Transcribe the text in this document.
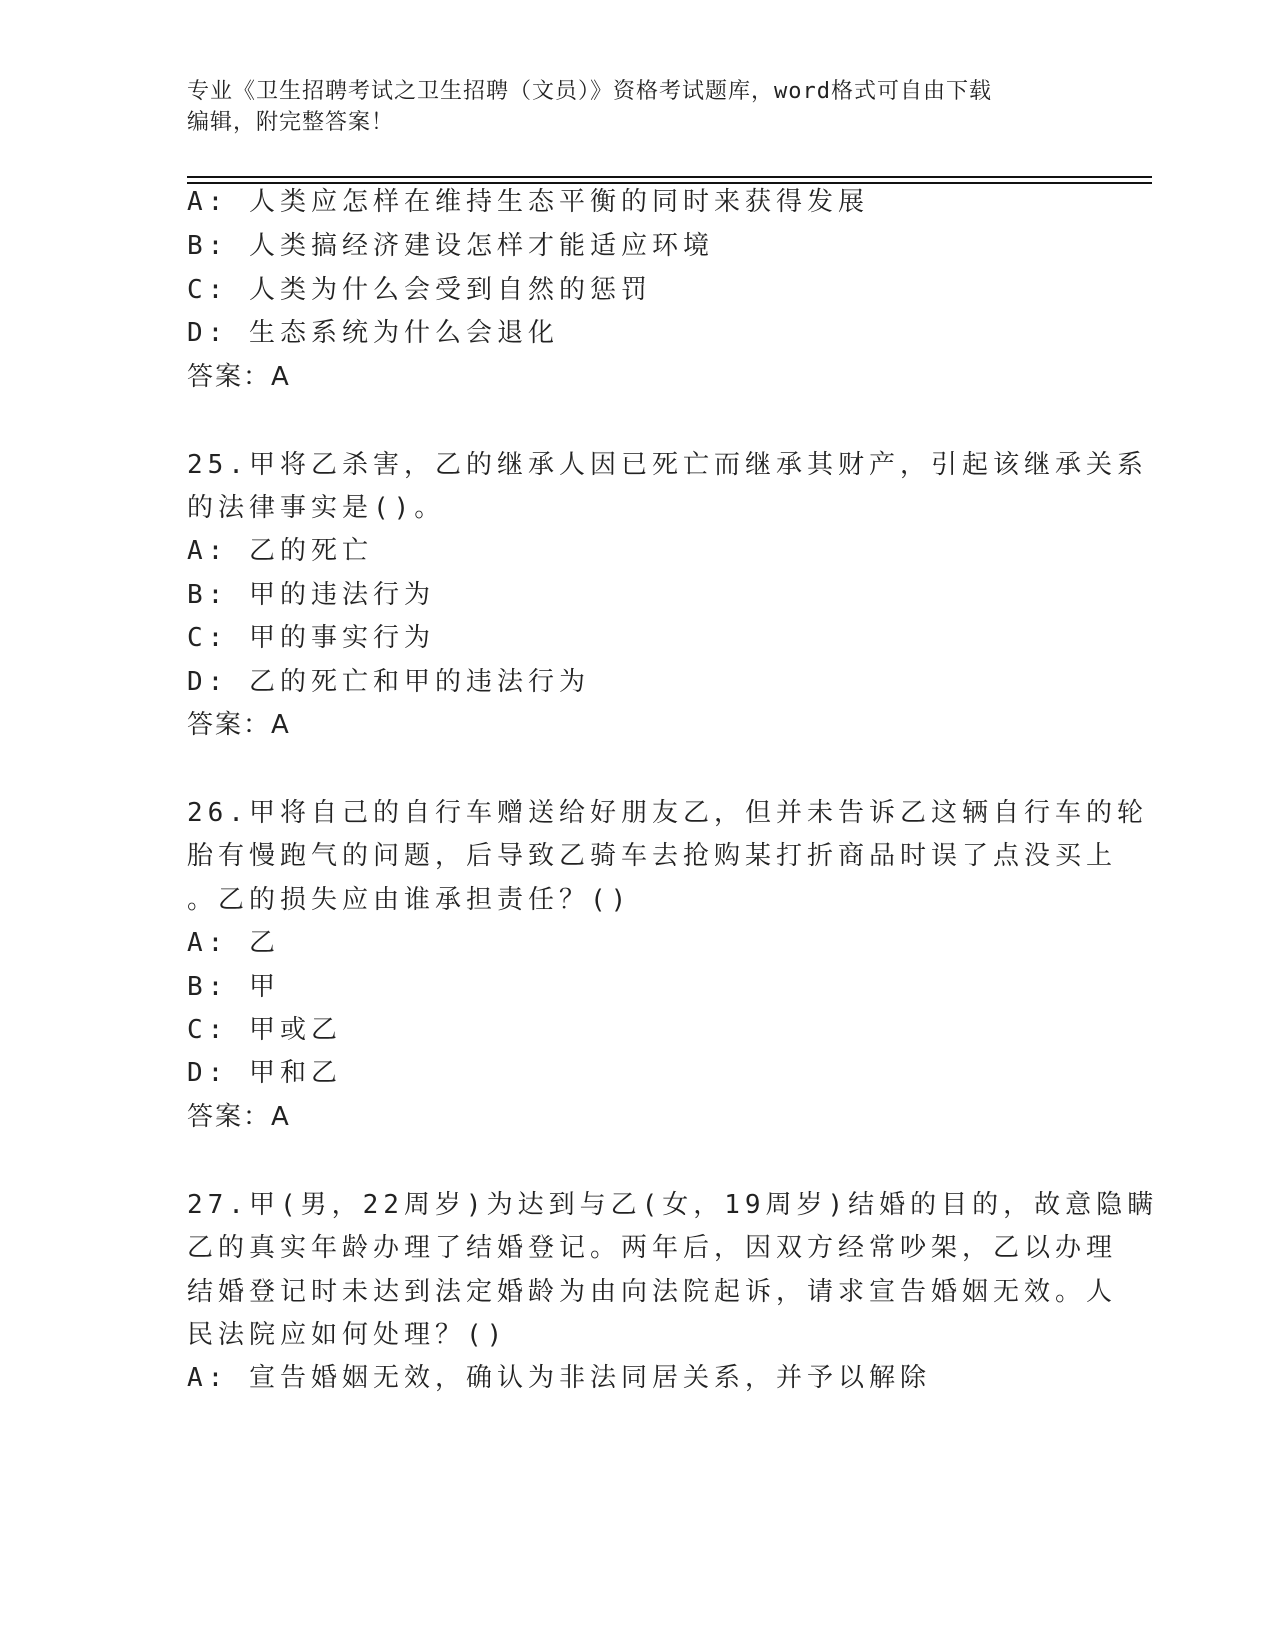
专业《卫生招聘考试之卫生招聘（文员）》资格考试题库，word格式可自由下载
编辑，附完整答案！
A: 人类应怎样在维持生态平衡的同时来获得发展
B: 人类搞经济建设怎样才能适应环境
C: 人类为什么会受到自然的惩罚
D: 生态系统为什么会退化
答案：A
25.甲将乙杀害，乙的继承人因已死亡而继承其财产，引起该继承关系
的法律事实是()。
A: 乙的死亡
B: 甲的违法行为
C: 甲的事实行为
D: 乙的死亡和甲的违法行为
答案：A
26.甲将自己的自行车赠送给好朋友乙，但并未告诉乙这辆自行车的轮
胎有慢跑气的问题，后导致乙骑车去抢购某打折商品时误了点没买上
。乙的损失应由谁承担责任？()
A: 乙
B: 甲
C: 甲或乙
D: 甲和乙
答案：A
27.甲(男，22周岁)为达到与乙(女，19周岁)结婚的目的，故意隐瞒
乙的真实年龄办理了结婚登记。两年后，因双方经常吵架，乙以办理
结婚登记时未达到法定婚龄为由向法院起诉，请求宣告婚姻无效。人
民法院应如何处理？()
A: 宣告婚姻无效，确认为非法同居关系，并予以解除
